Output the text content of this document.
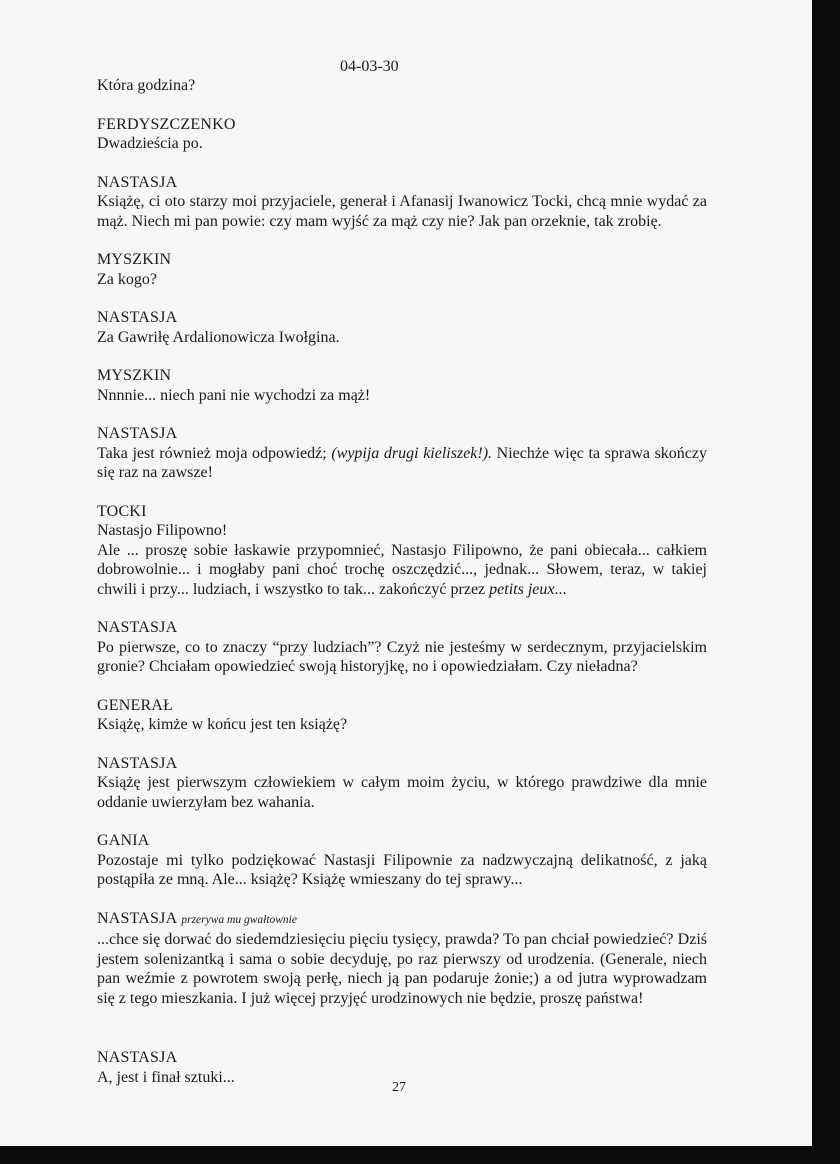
04-03-30
Która godzina?
FERDYSZCZENKO
Dwadzieścia po.
NASTASJA
Książę, ci oto starzy moi przyjaciele, generał i Afanasij Iwanowicz Tocki, chcą mnie wydać za mąż. Niech mi pan powie: czy mam wyjść za mąż czy nie? Jak pan orzeknie, tak zrobię.
MYSZKIN
Za kogo?
NASTASJA
Za Gawriłę Ardalionowicza Iwołgina.
MYSZKIN
Nnnnie... niech pani nie wychodzi za mąż!
NASTASJA
Taka jest również moja odpowiedź; (wypija drugi kieliszek!). Niechże więc ta sprawa skończy się raz na zawsze!
TOCKI
Nastasjo Filipowno!
Ale ... proszę sobie łaskawie przypomnieć, Nastasjo Filipowno, że pani obiecała... całkiem dobrowolnie... i mogłaby pani choć trochę oszczędzić..., jednak... Słowem, teraz, w takiej chwili i przy... ludziach, i wszystko to tak... zakończyć przez petits jeux...
NASTASJA
Po pierwsze, co to znaczy “przy ludziach”? Czyż nie jesteśmy w serdecznym, przyjacielskim gronie? Chciałam opowiedzieć swoją historyjkę, no i opowiedziałam. Czy nieładna?
GENERAŁ
Książę, kimże w końcu jest ten książę?
NASTASJA
Książę jest pierwszym człowiekiem w całym moim życiu, w którego prawdziwe dla mnie oddanie uwierzyłam bez wahania.
GANIA
Pozostaje mi tylko podziękować Nastasji Filipownie za nadzwyczajną delikatność, z jaką postąpiła ze mną. Ale... książę? Książę wmieszany do tej sprawy...
NASTASJA przerywa mu gwałtownie
...chce się dorwać do siedemdziesięciu pięciu tysięcy, prawda? To pan chciał powiedzieć? Dziś jestem solenizantką i sama o sobie decyduję, po raz pierwszy od urodzenia. (Generale, niech pan weźmie z powrotem swoją perłę, niech ją pan podaruje żonie;) a od jutra wyprowadzam się z tego mieszkania. I już więcej przyjęć urodzinowych nie będzie, proszę państwa!
NASTASJA
A, jest i finał sztuki...
27
